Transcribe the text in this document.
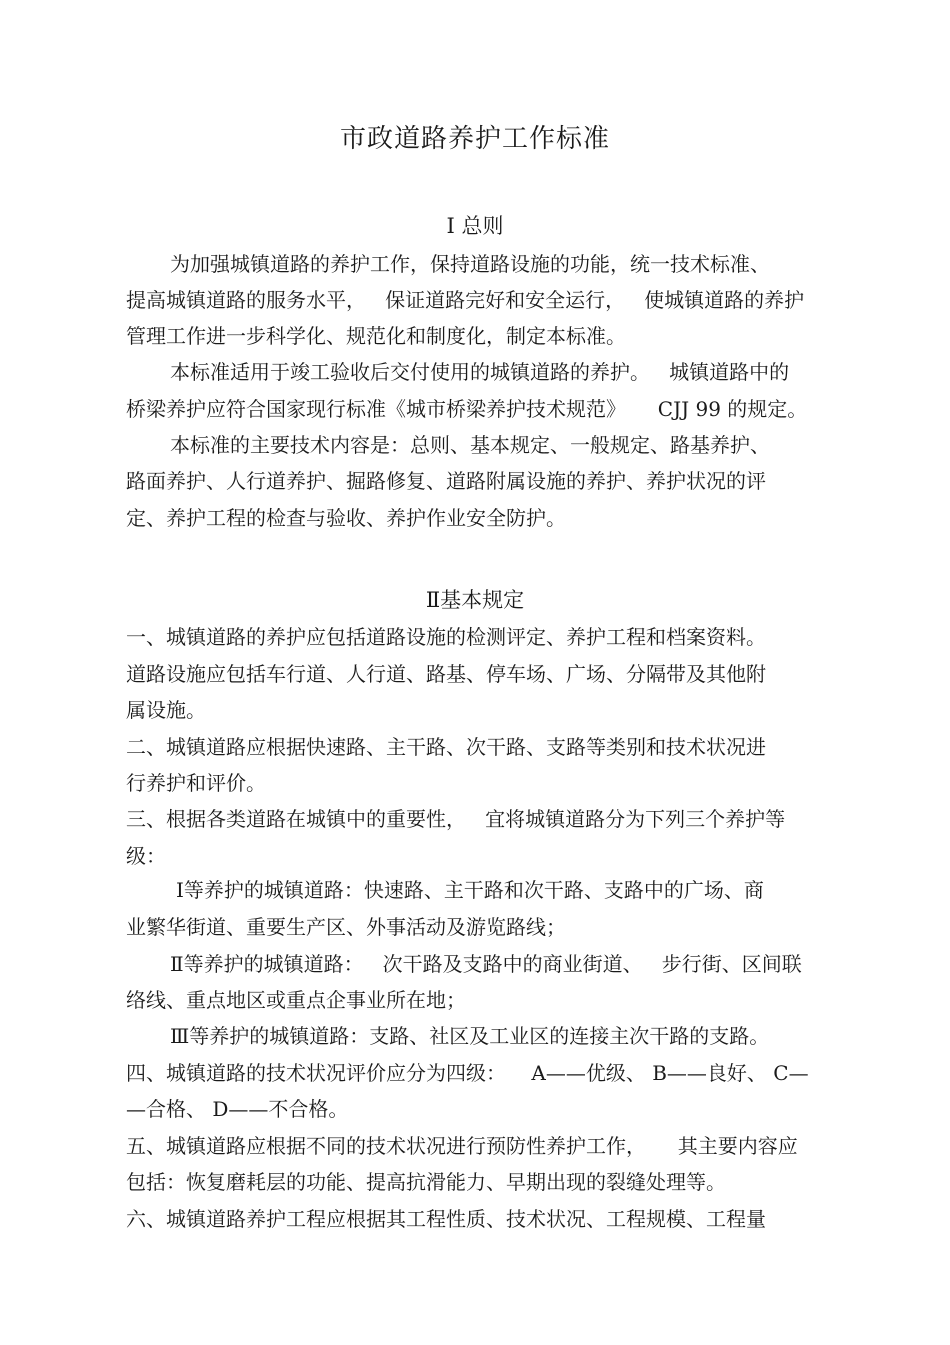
市政道路养护工作标准
I 总则
为加强城镇道路的养护工作，保持道路设施的功能，统一技术标准、
提高城镇道路的服务水平，   保证道路完好和安全运行，   使城镇道路的养护
管理工作进一步科学化、规范化和制度化，制定本标准。
本标准适用于竣工验收后交付使用的城镇道路的养护。   城镇道路中的
桥梁养护应符合国家现行标准《城市桥梁养护技术规范》     CJJ 99 的规定。
本标准的主要技术内容是：总则、基本规定、一般规定、路基养护、
路面养护、人行道养护、掘路修复、道路附属设施的养护、养护状况的评
定、养护工程的检查与验收、养护作业安全防护。
Ⅱ基本规定
一、城镇道路的养护应包括道路设施的检测评定、养护工程和档案资料。
道路设施应包括车行道、人行道、路基、停车场、广场、分隔带及其他附
属设施。
二、城镇道路应根据快速路、主干路、次干路、支路等类别和技术状况进
行养护和评价。
三、根据各类道路在城镇中的重要性，   宜将城镇道路分为下列三个养护等
级：
Ⅰ等养护的城镇道路：快速路、主干路和次干路、支路中的广场、商
业繁华街道、重要生产区、外事活动及游览路线；
Ⅱ等养护的城镇道路：   次干路及支路中的商业街道、   步行街、区间联
络线、重点地区或重点企事业所在地；
Ⅲ等养护的城镇道路：支路、社区及工业区的连接主次干路的支路。
四、城镇道路的技术状况评价应分为四级：    A——优级、 B——良好、 C—
—合格、 D——不合格。
五、城镇道路应根据不同的技术状况进行预防性养护工作，     其主要内容应
包括：恢复磨耗层的功能、提高抗滑能力、早期出现的裂缝处理等。
六、城镇道路养护工程应根据其工程性质、技术状况、工程规模、工程量
